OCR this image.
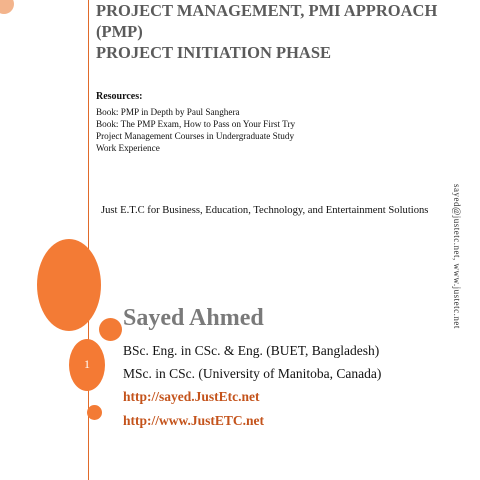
1
PROJECT MANAGEMENT, PMI APPROACH
(PMP)
PROJECT INITIATION PHASE
Resources:
Book: PMP in Depth by Paul Sanghera
Book: The PMP Exam, How to Pass on Your First Try
Project Management Courses in Undergraduate Study
Work Experience
Just E.T.C for Business, Education, Technology, and Entertainment Solutions	sayed@justetc.net, www.justetc.net
Sayed Ahmed
BSc. Eng. in CSc. & Eng. (BUET, Bangladesh)
MSc. in CSc. (University of Manitoba, Canada)
http://sayed.JustEtc.net
http://www.JustETC.net
